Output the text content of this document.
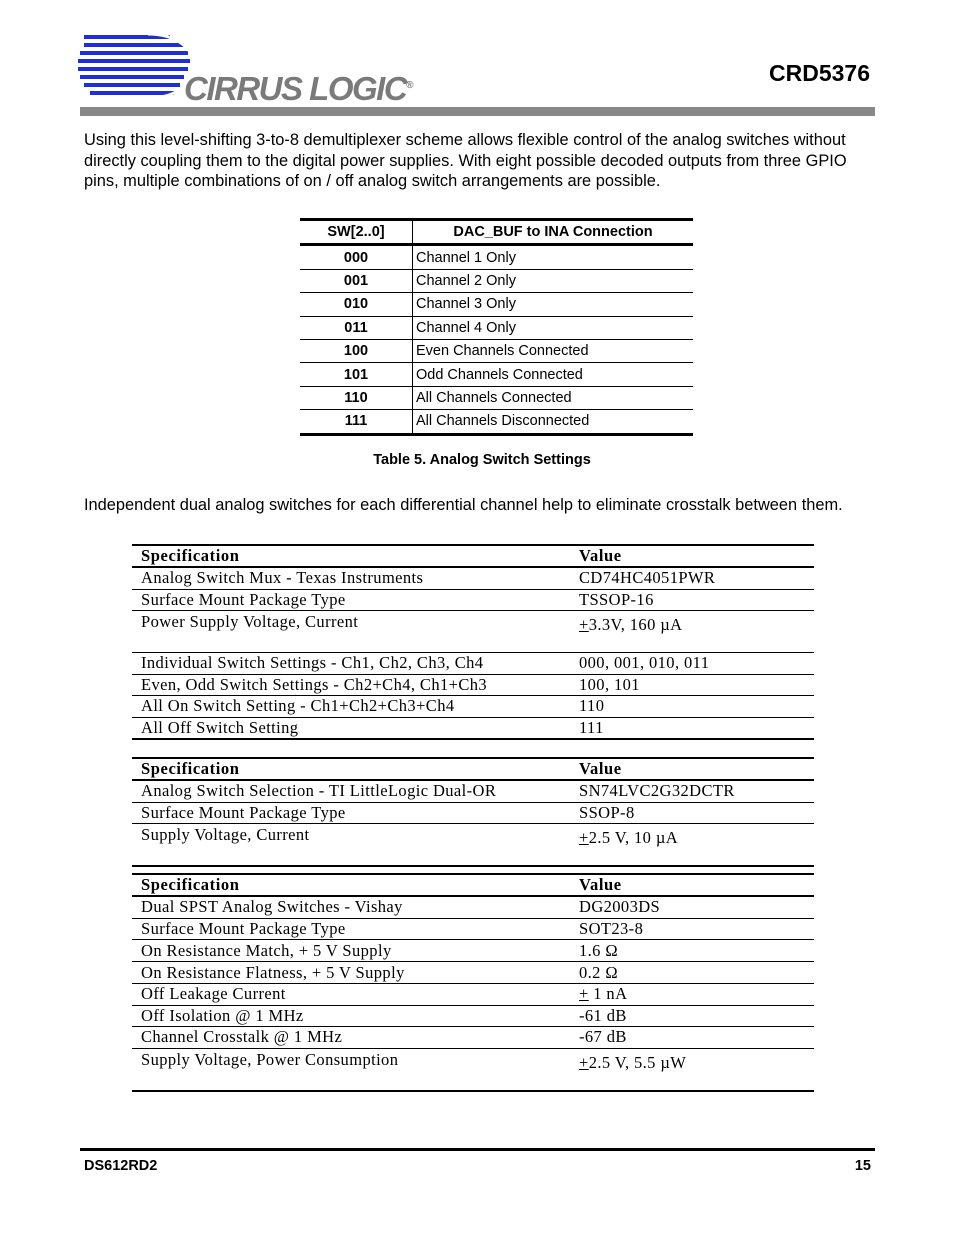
CIRRUS LOGIC®	CRD5376

Using this level-shifting 3-to-8 demultiplexer scheme allows flexible control of the analog switches without directly coupling them to the digital power supplies. With eight possible decoded outputs from three GPIO pins, multiple combinations of on / off analog switch arrangements are possible.

SW[2..0]	DAC_BUF to INA Connection
000	Channel 1 Only
001	Channel 2 Only
010	Channel 3 Only
011	Channel 4 Only
100	Even Channels Connected
101	Odd Channels Connected
110	All Channels Connected
111	All Channels Disconnected
Table 5. Analog Switch Settings

Independent dual analog switches for each differential channel help to eliminate crosstalk between them.

Specification	Value
Analog Switch Mux - Texas Instruments	CD74HC4051PWR
Surface Mount Package Type	TSSOP-16
Power Supply Voltage, Current	+3.3V, 160 µA
Individual Switch Settings - Ch1, Ch2, Ch3, Ch4	000, 001, 010, 011
Even, Odd Switch Settings - Ch2+Ch4, Ch1+Ch3	100, 101
All On Switch Setting - Ch1+Ch2+Ch3+Ch4	110
All Off Switch Setting	111
Specification	Value
Analog Switch Selection - TI LittleLogic Dual-OR	SN74LVC2G32DCTR
Surface Mount Package Type	SSOP-8
Supply Voltage, Current	+2.5 V, 10 µA
Specification	Value
Dual SPST Analog Switches - Vishay	DG2003DS
Surface Mount Package Type	SOT23-8
On Resistance Match, + 5 V Supply	1.6 Ω
On Resistance Flatness, + 5 V Supply	0.2 Ω
Off Leakage Current	+ 1 nA
Off Isolation @ 1 MHz	-61 dB
Channel Crosstalk @ 1 MHz	-67 dB
Supply Voltage, Power Consumption	+2.5 V, 5.5 µW
DS612RD2	15
